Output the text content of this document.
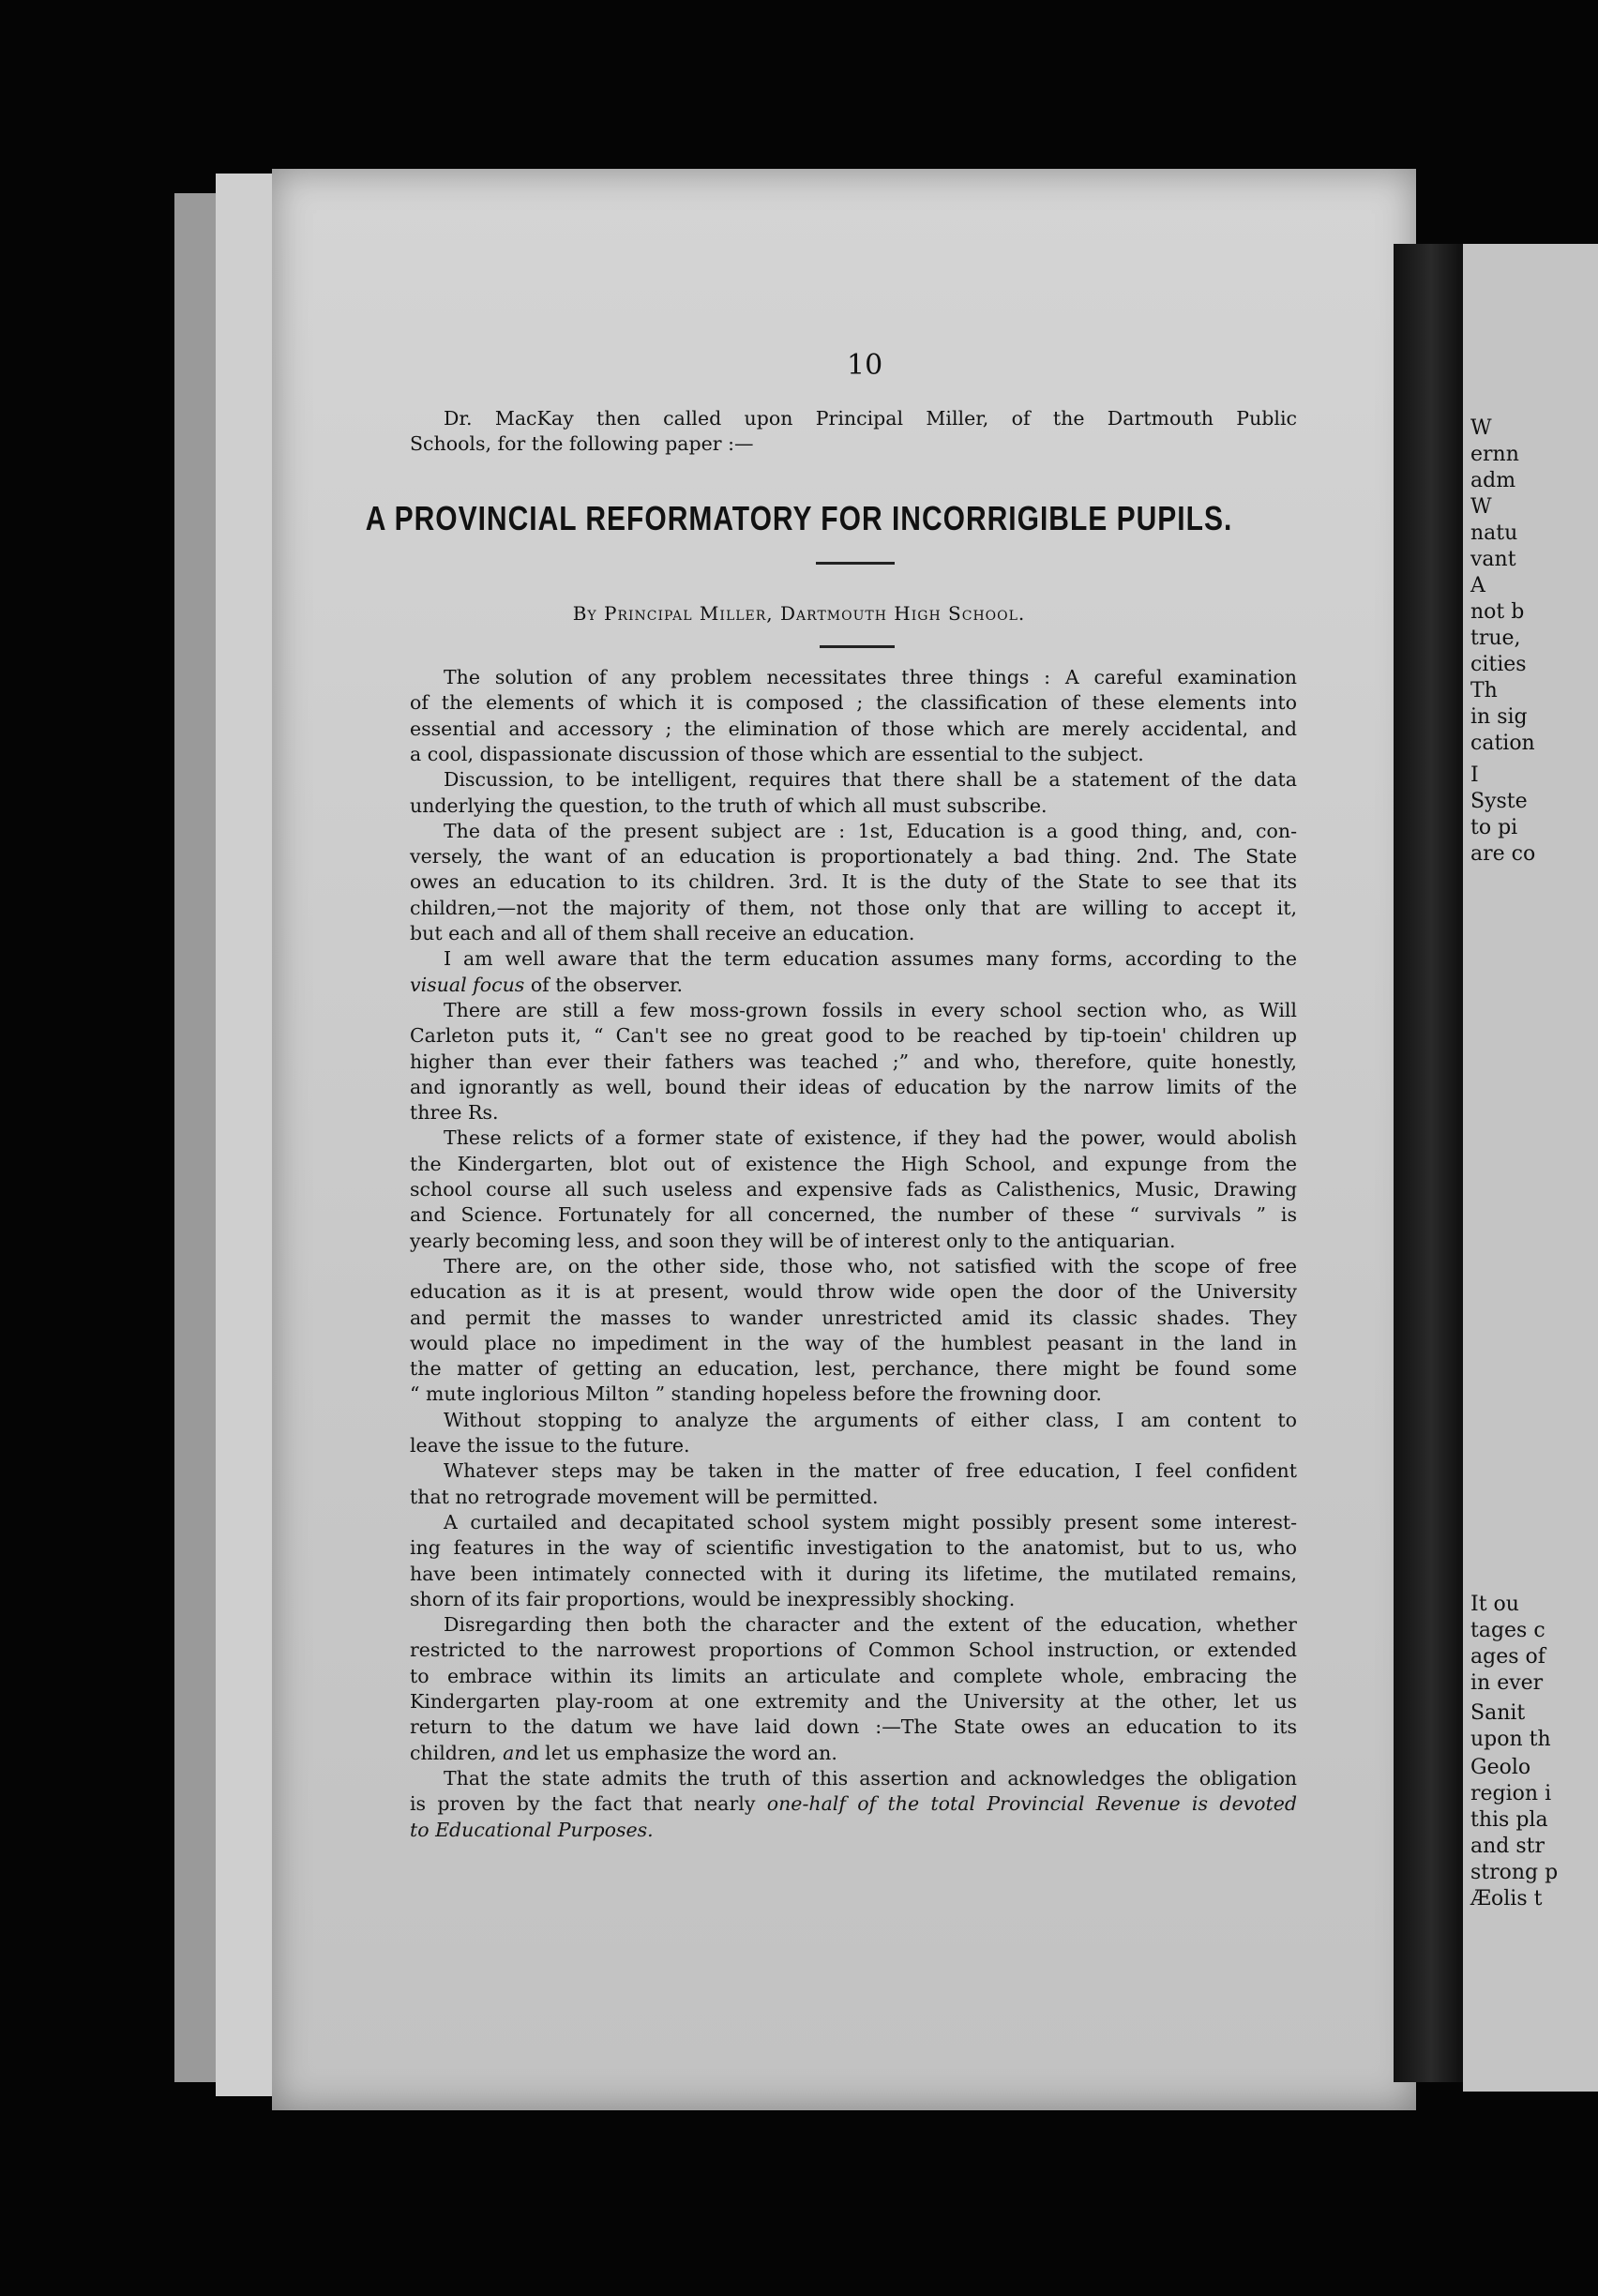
W
ernn
adm
W
natu
vant
A
not b
true,
cities
Th
in sig
cation
I
Syste
to pi
are co
It ou
tages c
ages of
in ever
Sanit
upon th
Geolo
region i
this pla
and str
strong p
Æolis t
10
Dr. MacKay then called upon Principal Miller, of the Dartmouth Public
Schools, for the following paper :—
A PROVINCIAL REFORMATORY FOR INCORRIGIBLE PUPILS.
By Principal Miller, Dartmouth High School.
The solution of any problem necessitates three things : A careful examination
of the elements of which it is composed ; the classification of these elements into
essential and accessory ; the elimination of those which are merely accidental, and
a cool, dispassionate discussion of those which are essential to the subject.
Discussion, to be intelligent, requires that there shall be a statement of the data
underlying the question, to the truth of which all must subscribe.
The data of the present subject are : 1st, Education is a good thing, and, con-
versely, the want of an education is proportionately a bad thing. 2nd. The State
owes an education to its children. 3rd. It is the duty of the State to see that its
children,—not the majority of them, not those only that are willing to accept it,
but each and all of them shall receive an education.
I am well aware that the term education assumes many forms, according to the
visual focus of the observer.
There are still a few moss-grown fossils in every school section who, as Will
Carleton puts it, “ Can't see no great good to be reached by tip-toein' children up
higher than ever their fathers was teached ;” and who, therefore, quite honestly,
and ignorantly as well, bound their ideas of education by the narrow limits of the
three Rs.
These relicts of a former state of existence, if they had the power, would abolish
the Kindergarten, blot out of existence the High School, and expunge from the
school course all such useless and expensive fads as Calisthenics, Music, Drawing
and Science. Fortunately for all concerned, the number of these “ survivals ” is
yearly becoming less, and soon they will be of interest only to the antiquarian.
There are, on the other side, those who, not satisfied with the scope of free
education as it is at present, would throw wide open the door of the University
and permit the masses to wander unrestricted amid its classic shades. They
would place no impediment in the way of the humblest peasant in the land in
the matter of getting an education, lest, perchance, there might be found some
“ mute inglorious Milton ” standing hopeless before the frowning door.
Without stopping to analyze the arguments of either class, I am content to
leave the issue to the future.
Whatever steps may be taken in the matter of free education, I feel confident
that no retrograde movement will be permitted.
A curtailed and decapitated school system might possibly present some interest-
ing features in the way of scientific investigation to the anatomist, but to us, who
have been intimately connected with it during its lifetime, the mutilated remains,
shorn of its fair proportions, would be inexpressibly shocking.
Disregarding then both the character and the extent of the education, whether
restricted to the narrowest proportions of Common School instruction, or extended
to embrace within its limits an articulate and complete whole, embracing the
Kindergarten play-room at one extremity and the University at the other, let us
return to the datum we have laid down :—The State owes an education to its
children, and let us emphasize the word an.
That the state admits the truth of this assertion and acknowledges the obligation
is proven by the fact that nearly one-half of the total Provincial Revenue is devoted
to Educational Purposes.
